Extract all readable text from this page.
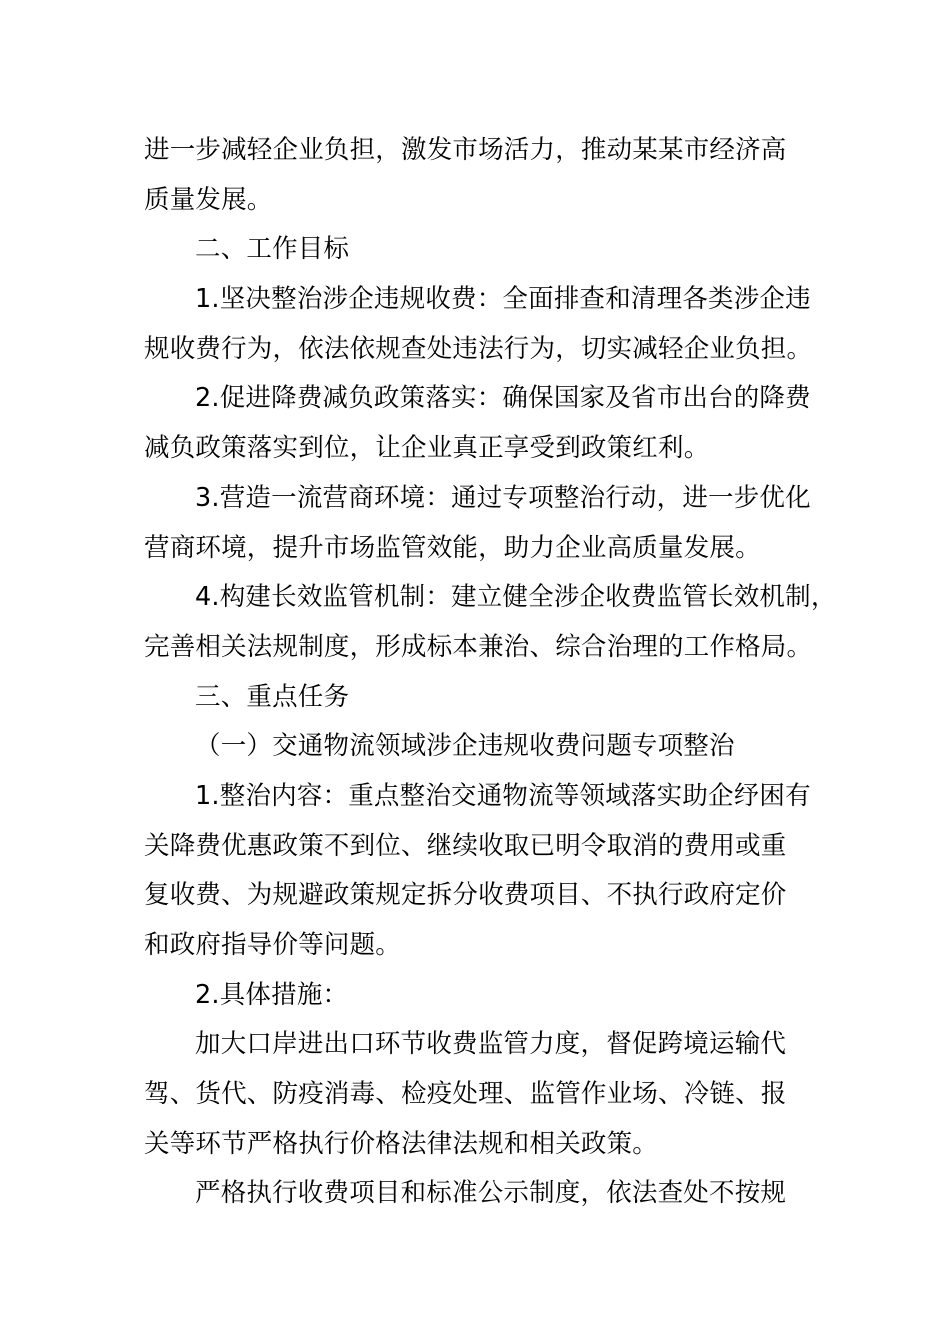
进一步减轻企业负担，激发市场活力，推动某某市经济高
质量发展。
二、工作目标
1.坚决整治涉企违规收费：全面排查和清理各类涉企违
规收费行为，依法依规查处违法行为，切实减轻企业负担。
2.促进降费减负政策落实：确保国家及省市出台的降费
减负政策落实到位，让企业真正享受到政策红利。
3.营造一流营商环境：通过专项整治行动，进一步优化
营商环境，提升市场监管效能，助力企业高质量发展。
4.构建长效监管机制：建立健全涉企收费监管长效机制，
完善相关法规制度，形成标本兼治、综合治理的工作格局。
三、重点任务
（一）交通物流领域涉企违规收费问题专项整治
1.整治内容：重点整治交通物流等领域落实助企纾困有
关降费优惠政策不到位、继续收取已明令取消的费用或重
复收费、为规避政策规定拆分收费项目、不执行政府定价
和政府指导价等问题。
2.具体措施：
加大口岸进出口环节收费监管力度，督促跨境运输代
驾、货代、防疫消毒、检疫处理、监管作业场、冷链、报
关等环节严格执行价格法律法规和相关政策。
严格执行收费项目和标准公示制度，依法查处不按规
